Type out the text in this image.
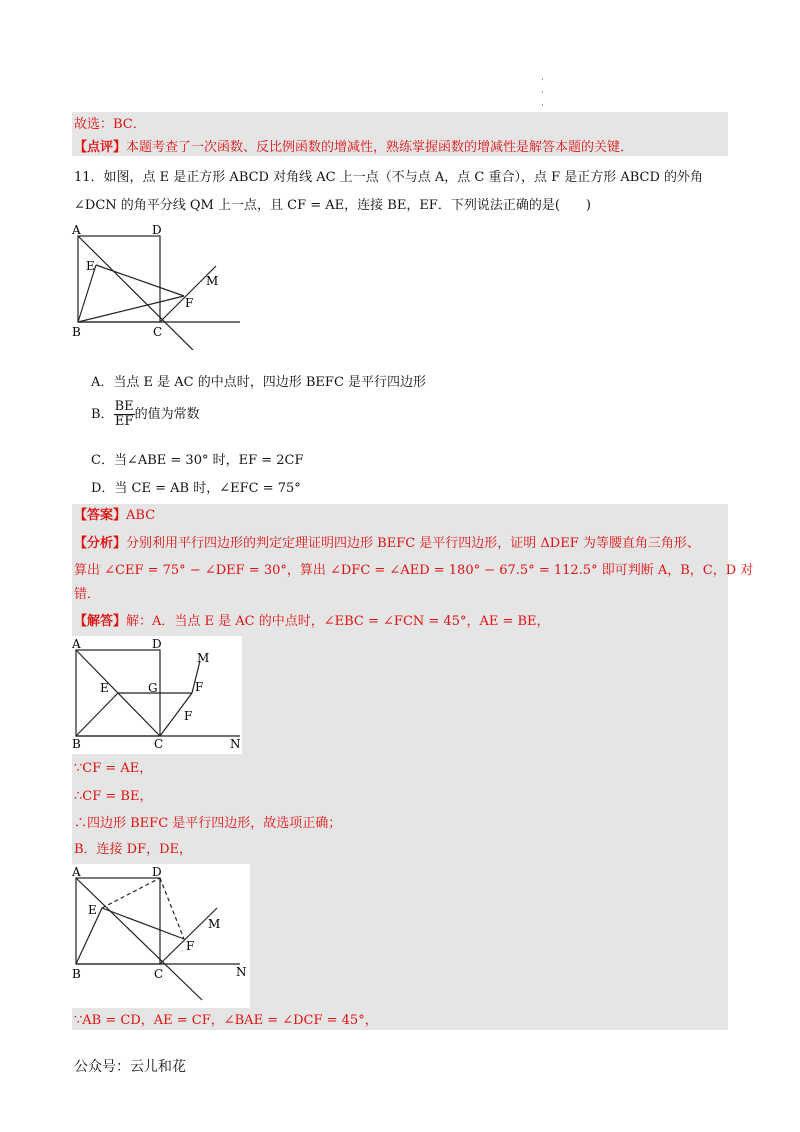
· · ·
故选：BC．
【点评】本题考查了一次函数、反比例函数的增减性，熟练掌握函数的增减性是解答本题的关键．
11．如图，点 E 是正方形 ABCD 对角线 AC 上一点（不与点 A，点 C 重合），点 F 是正方形 ABCD 的外角
∠DCN 的角平分线 QM 上一点，且 CF = AE，连接 BE，EF．下列说法正确的是(　　)
A	D
E
M
F
B	C
A．当点 E 是 AC 的中点时，四边形 BEFC 是平行四边形
B． $\frac{BE}{EF}$ 的值为常数
C．当∠ABE = 30° 时，EF = 2CF
D．当 CE = AB 时，∠EFC = 75°
【答案】ABC
【分析】分别利用平行四边形的判定定理证明四边形 BEFC 是平行四边形，证明 ΔDEF 为等腰直角三角形、
算出 ∠CEF = 75° − ∠DEF = 30°，算出 ∠DFC = ∠AED = 180° − 67.5° = 112.5° 即可判断 A，B，C，D 对
错．
【解答】解：A．当点 E 是 AC 的中点时，∠EBC = ∠FCN = 45°，AE = BE，
A	D
M
E	G	F
F
B	C	N
∵CF = AE，
∴CF = BE，
∴四边形 BEFC 是平行四边形，故选项正确；
B．连接 DF，DE，
A	D
E
M
F
B	C	N
∵AB = CD，AE = CF，∠BAE = ∠DCF = 45°，
公众号：云儿和花
